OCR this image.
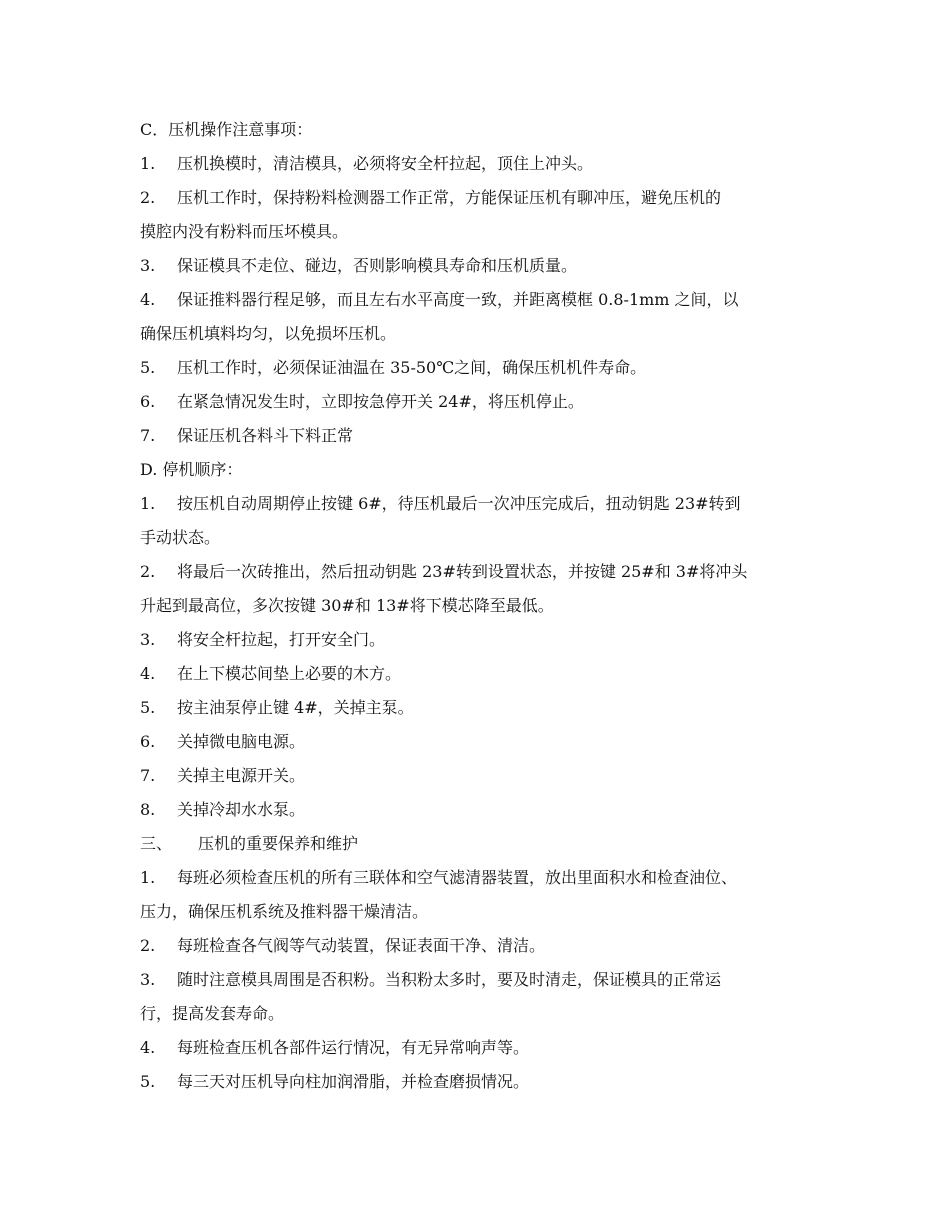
C．压机操作注意事项：
1. 压机换模时，清洁模具，必须将安全杆拉起，顶住上冲头。
2. 压机工作时，保持粉料检测器工作正常，方能保证压机有聊冲压，避免压机的
摸腔内没有粉料而压坏模具。
3. 保证模具不走位、碰边，否则影响模具寿命和压机质量。
4. 保证推料器行程足够，而且左右水平高度一致，并距离模框 0.8-1mm 之间，以
确保压机填料均匀，以免损坏压机。
5. 压机工作时，必须保证油温在 35-50℃之间，确保压机机件寿命。
6. 在紧急情况发生时，立即按急停开关 24#，将压机停止。
7. 保证压机各料斗下料正常
D. 停机顺序：
1. 按压机自动周期停止按键 6#，待压机最后一次冲压完成后，扭动钥匙 23#转到
手动状态。
2. 将最后一次砖推出，然后扭动钥匙 23#转到设置状态，并按键 25#和 3#将冲头
升起到最高位，多次按键 30#和 13#将下模芯降至最低。
3. 将安全杆拉起，打开安全门。
4. 在上下模芯间垫上必要的木方。
5. 按主油泵停止键 4#，关掉主泵。
6. 关掉微电脑电源。
7. 关掉主电源开关。
8. 关掉冷却水水泵。
三、 压机的重要保养和维护
1. 每班必须检查压机的所有三联体和空气滤清器装置，放出里面积水和检查油位、
压力，确保压机系统及推料器干燥清洁。
2. 每班检查各气阀等气动装置，保证表面干净、清洁。
3. 随时注意模具周围是否积粉。当积粉太多时，要及时清走，保证模具的正常运
行，提高发套寿命。
4. 每班检查压机各部件运行情况，有无异常响声等。
5. 每三天对压机导向柱加润滑脂，并检查磨损情况。
